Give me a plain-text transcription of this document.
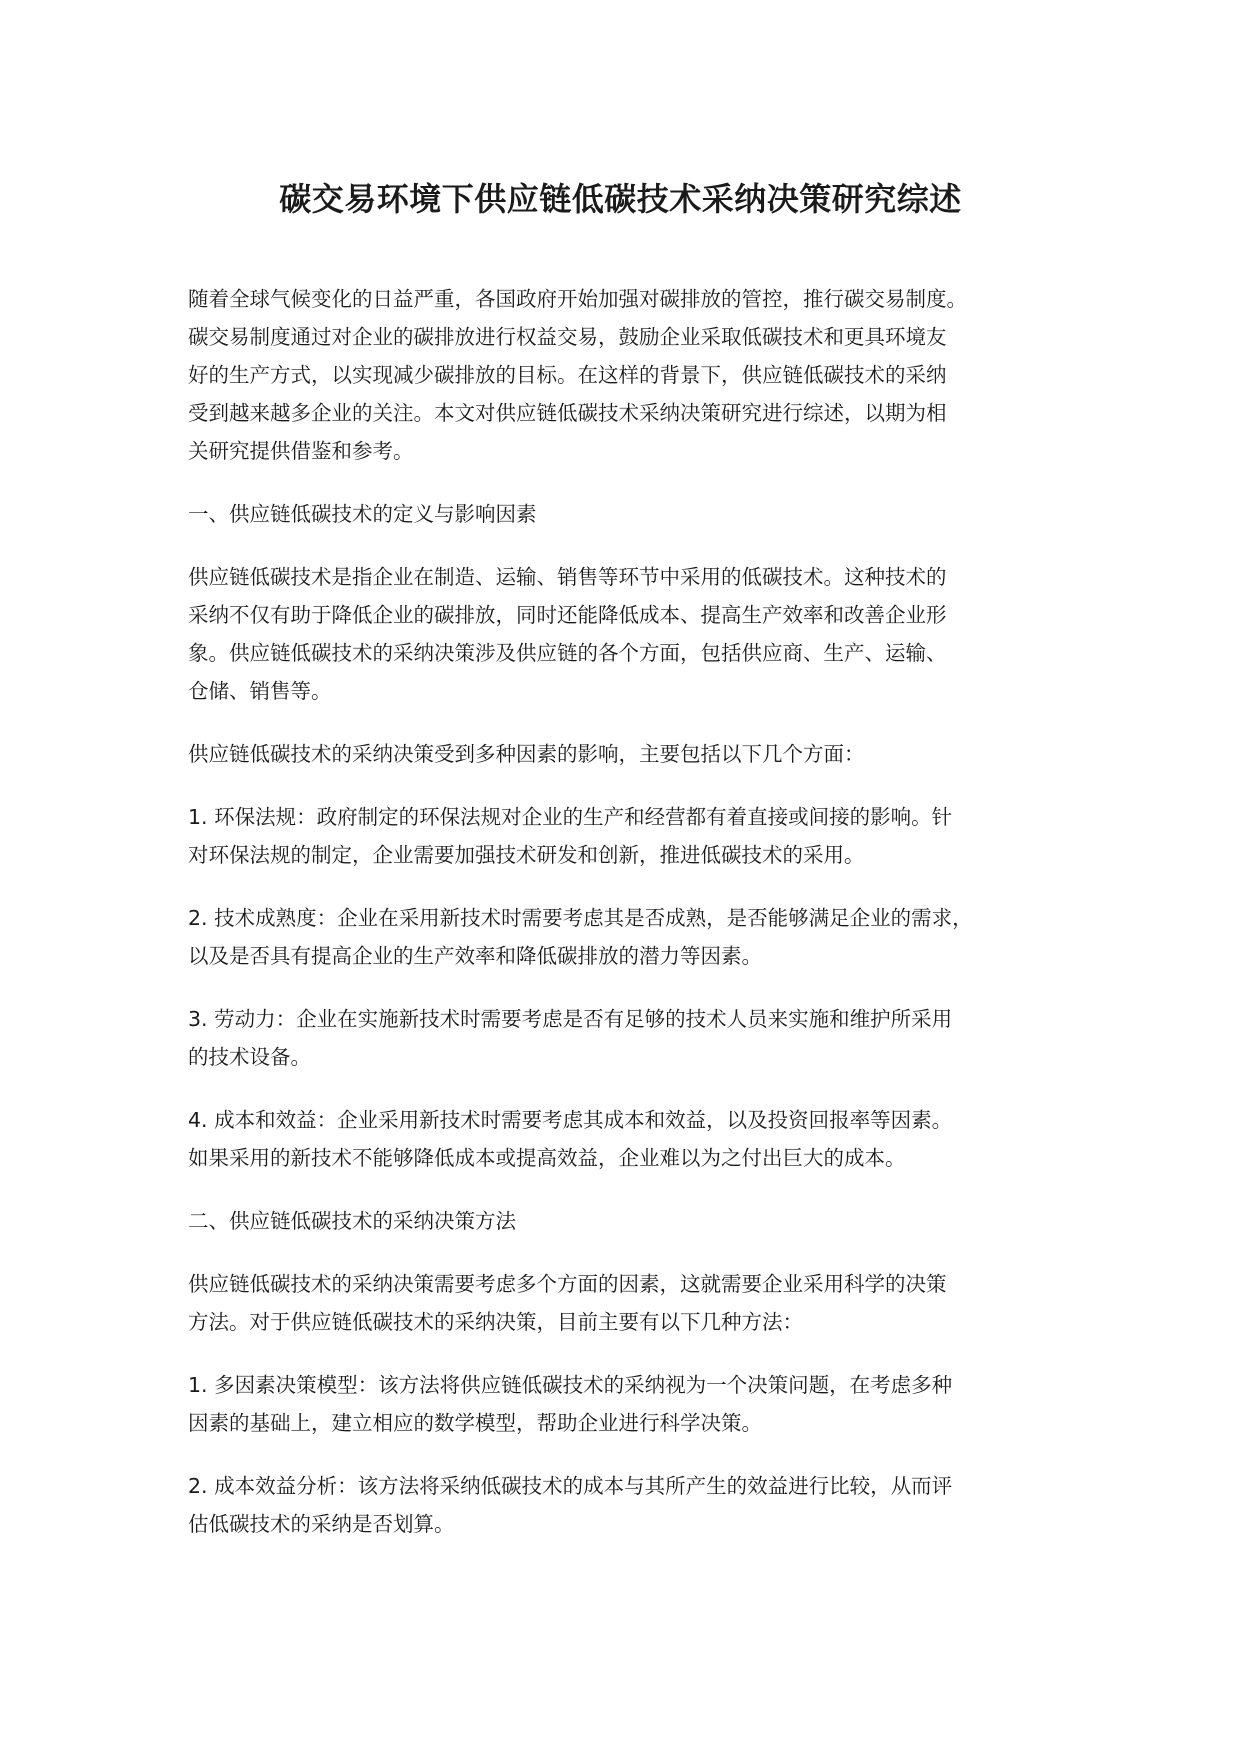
碳交易环境下供应链低碳技术采纳决策研究综述

随着全球气候变化的日益严重，各国政府开始加强对碳排放的管控，推行碳交易制度。
碳交易制度通过对企业的碳排放进行权益交易，鼓励企业采取低碳技术和更具环境友
好的生产方式，以实现减少碳排放的目标。在这样的背景下，供应链低碳技术的采纳
受到越来越多企业的关注。本文对供应链低碳技术采纳决策研究进行综述，以期为相
关研究提供借鉴和参考。

一、供应链低碳技术的定义与影响因素

供应链低碳技术是指企业在制造、运输、销售等环节中采用的低碳技术。这种技术的
采纳不仅有助于降低企业的碳排放，同时还能降低成本、提高生产效率和改善企业形
象。供应链低碳技术的采纳决策涉及供应链的各个方面，包括供应商、生产、运输、
仓储、销售等。

供应链低碳技术的采纳决策受到多种因素的影响，主要包括以下几个方面：

1. 环保法规：政府制定的环保法规对企业的生产和经营都有着直接或间接的影响。针
对环保法规的制定，企业需要加强技术研发和创新，推进低碳技术的采用。

2. 技术成熟度：企业在采用新技术时需要考虑其是否成熟，是否能够满足企业的需求，
以及是否具有提高企业的生产效率和降低碳排放的潜力等因素。

3. 劳动力：企业在实施新技术时需要考虑是否有足够的技术人员来实施和维护所采用
的技术设备。

4. 成本和效益：企业采用新技术时需要考虑其成本和效益，以及投资回报率等因素。
如果采用的新技术不能够降低成本或提高效益，企业难以为之付出巨大的成本。

二、供应链低碳技术的采纳决策方法

供应链低碳技术的采纳决策需要考虑多个方面的因素，这就需要企业采用科学的决策
方法。对于供应链低碳技术的采纳决策，目前主要有以下几种方法：

1. 多因素决策模型：该方法将供应链低碳技术的采纳视为一个决策问题，在考虑多种
因素的基础上，建立相应的数学模型，帮助企业进行科学决策。

2. 成本效益分析：该方法将采纳低碳技术的成本与其所产生的效益进行比较，从而评
估低碳技术的采纳是否划算。
